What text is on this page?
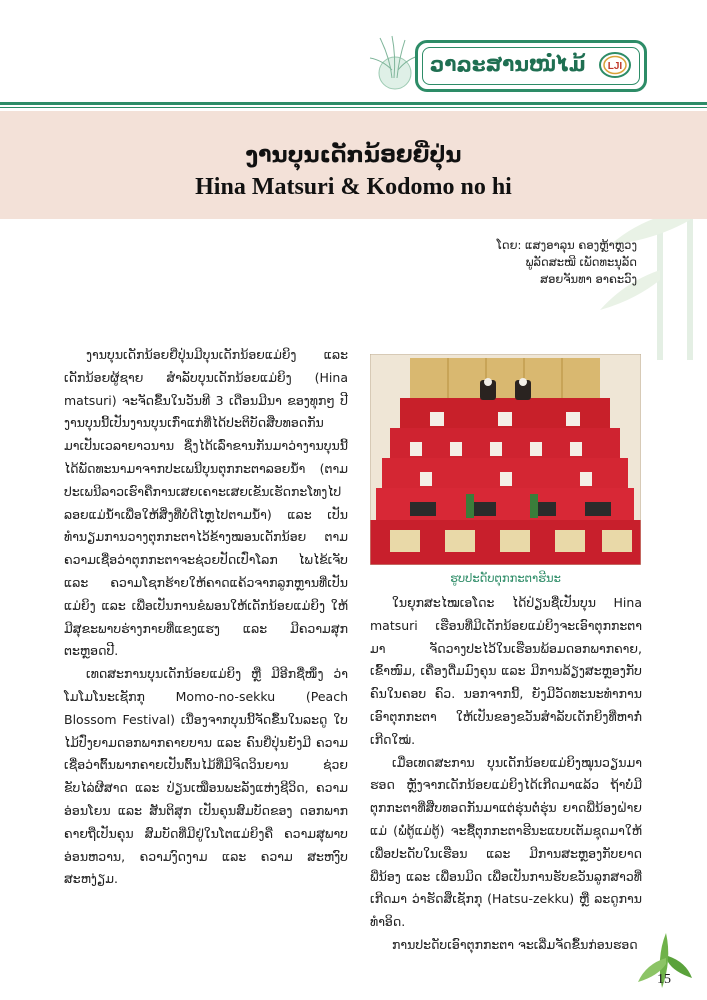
ວາລະສານໜໍ່ໄມ້ LJI
ງານບຸນເດັກນ້ອຍຍີ່ປຸ່ນ
Hina Matsuri & Kodomo no hi
ໂດຍ: ແສງອາລຸນ ຄອງຫຼ້າຫຼວງ
ພູລັດສະໝີ ເພັດທະນຸລັດ
ສອຍຈັນທາ ອາຄະວົງ

ງານບຸນເດັກນ້ອຍຍີ່ປຸ່ນມີບຸນເດັກນ້ອຍແມ່ຍິງ ແລະ ເດັກນ້ອຍຜູ້ຊາຍ ສຳລັບບຸນເດັກນ້ອຍແມ່ຍິງ (Hina matsuri) ຈະຈັດຂຶ້ນໃນວັນທີ 3 ເດືອນມີນາ ຂອງທຸກໆ ປີງານບຸນນີ້ເປັນງານບຸນເກົ່າແກ່ທີ່ໄດ້ປະຕິບັດສືບທອດກັນ ມາເປັນເວລາຍາວນານ ຊຶ່ງໄດ້ເລົ່າຂານກັນມາວ່າງານບຸນນີ້ ໄດ້ພັດທະນາມາຈາກປະເພນີບຸນຕຸກກະຕາລອຍນ້ຳ (ຕາມ ປະເພນີລາວເຮົາຄືການເສຍເຄາະເສຍເຂັນເຮັດກະໂທງໄປ ລອຍແມ່ນ້ຳເພື່ອໃຫ້ສິ່ງທີ່ບໍ່ດີໄຫຼໄປຕາມນ້ຳ) ແລະ ເປັນ ທຳນຽມການວາງຕຸກກະຕາໄວ້ຂ້າງໝອນເດັກນ້ອຍ ຕາມ ຄວາມເຊື່ອວ່າຕຸກກະຕາຈະຊ່ວຍປັດເປົ່າໂລກ ໄພໄຂ້ເຈັບ ແລະ ຄວາມໂຊກຮ້າຍໃຫ້ຄາດແຄ້ວຈາກລູກຫຼານທີ່ເປັນ ແມ່ຍິງ ແລະ ເພື່ອເປັນການຂໍພອນໃຫ້ເດັກນ້ອຍແມ່ຍິງ ໃຫ້ມີສຸຂະພາບຮ່າງກາຍທີ່ແຂງແຮງ ແລະ ມີຄວາມສຸກ ຕະຫຼອດປີ.

ເທດສະການບຸນເດັກນ້ອຍແມ່ຍິງ ຫຼື ມີອີກຊື່ໜຶ່ງ ວ່າ ໂມໂມໂນະເຊັກກຸ Momo-no-sekku (Peach Blossom Festival) ເນື່ອງຈາກບຸນນີ້ຈັດຂຶ້ນໃນລະດູ ໃບໄມ້ປົ່ງຍາມດອກພາກຄາຍບານ ແລະ ຄົນຍີ່ປຸ່ນຍັງມີ ຄວາມເຊື່ອວ່າຕົ້ນພາກຄາຍເປັນຕົ້ນໄມ້ທີ່ມີຈິດວິນຍານ ຊ່ວຍຂັບໄລ່ຜີສາດ ແລະ ປ່ຽນເໝືອນພະລັງແຫ່ງຊີວິດ, ຄວາມອ່ອນໂຍນ ແລະ ສັນຕິສຸກ ເປັນຄຸນສົມບັດຂອງ ດອກພາກຄາຍຖືເປັນຄຸນ ສົມບັດທີ່ມີຢູ່ໃນໂຕແມ່ຍິງຄື ຄວາມສຸພາບອ່ອນຫວານ, ຄວາມງົດງາມ ແລະ ຄວາມ ສະຫງົບສະຫງ່ຽມ.

ຮູບປະດັບຕຸກກະຕາຮີນະ

ໃນຍຸກສະໄໝເອໂດະ ໄດ້ປ່ຽນຊື່ເປັນບຸນ Hina matsuri ເຮືອນທີ່ມີເດັກນ້ອຍແມ່ຍິງຈະເອົາຕຸກກະຕາມາ ຈັດວາງປະໄວ້ໃນເຮືອນພ້ອມດອກພາກຄາຍ, ເຂົ້າໜົມ, ເຄື່ອງດື່ມມົງຄຸນ ແລະ ມີການລ້ຽງສະຫຼອງກັບຄົນໃນຄອບ ຄົວ. ນອກຈາກນີ້, ຍັງມີວັດທະນະທຳການເອົາຕຸກກະຕາ ໃຫ້ເປັນຂອງຂວັນສຳລັບເດັກຍິງທີ່ຫາກໍ່ເກີດໃໝ່.

ເມື່ອເທດສະການ ບຸນເດັກນ້ອຍແມ່ຍິງໝຸນວຽນມາ ຮອດ ຫຼັງຈາກເດັກນ້ອຍແມ່ຍິງໄດ້ເກີດມາແລ້ວ ຖ້າບໍ່ມີ ຕຸກກະຕາທີ່ສືບທອດກັນມາແຕ່ຮຸ່ນຕໍ່ຮຸ່ນ ຍາດພີ່ນ້ອງຝ່າຍ ແມ່ (ພໍ່ຕູ້ແມ່ຕູ້) ຈະຊື້ຕຸກກະຕາຮີນະແບບເຕັມຊຸດມາໃຫ້ ເພື່ອປະດັບໃນເຮືອນ ແລະ ມີການສະຫຼອງກັບຍາດພີ່ນ້ອງ ແລະ ເພື່ອນມິດ ເພື່ອເປັນການຮັບຂວັນລູກສາວທີ່ເກີດມາ ວ່າຮັດສຶເຊັກກຸ (Hatsu-zekku) ຫຼື ລະດູການທຳອິດ.

ການປະດັບເອົາຕຸກກະຕາ ຈະເລີ່ມຈັດຂຶ້ນກ່ອນຮອດ

15
